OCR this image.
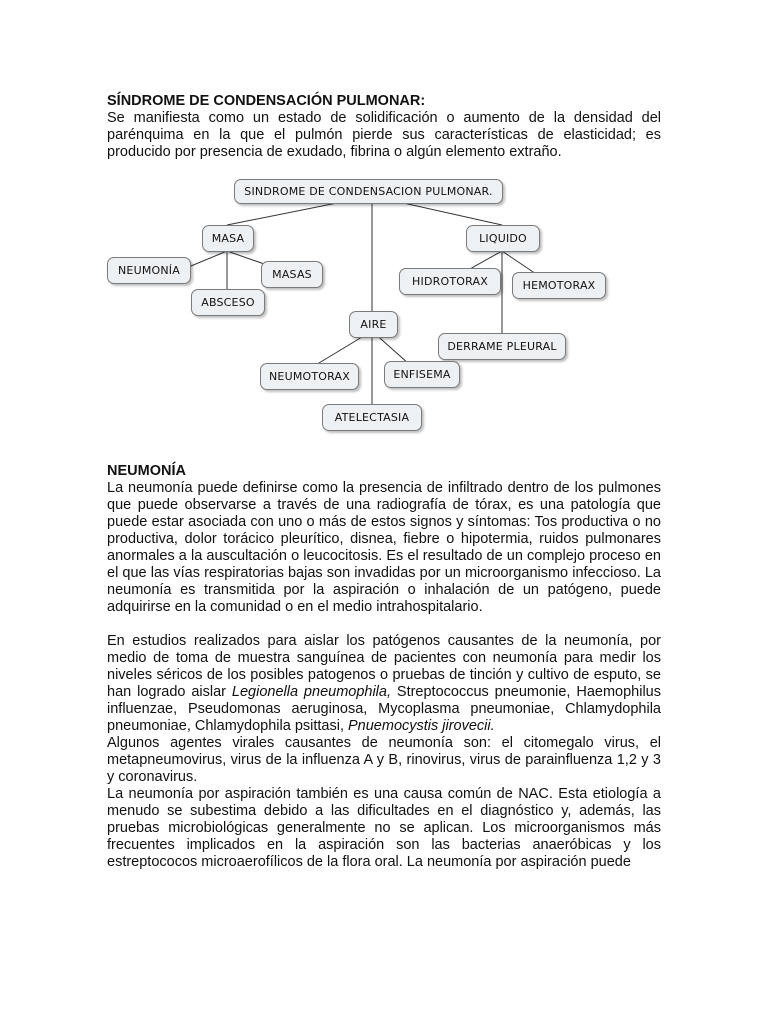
SÍNDROME DE CONDENSACIÓN PULMONAR:

Se manifiesta como un estado de solidificación o aumento de la densidad del parénquima en la que el pulmón pierde sus características de elasticidad; es producido por presencia de exudado, fibrina o algún elemento extraño.

SINDROME DE CONDENSACION PULMONAR.
MASA	LIQUIDO
NEUMONÍA	MASAS
ABSCESO
HIDROTORAX	HEMOTORAX
AIRE
DERRAME PLEURAL
NEUMOTORAX	ENFISEMA
ATELECTASIA

NEUMONÍA

La neumonía puede definirse como la presencia de infiltrado dentro de los pulmones que puede observarse a través de una radiografía de tórax, es una patología que puede estar asociada con uno o más de estos signos y síntomas: Tos productiva o no productiva, dolor torácico pleurítico, disnea, fiebre o hipotermia, ruidos pulmonares anormales a la auscultación o leucocitosis. Es el resultado de un complejo proceso en el que las vías respiratorias bajas son invadidas por un microorganismo infeccioso. La neumonía es transmitida por la aspiración o inhalación de un patógeno, puede adquirirse en la comunidad o en el medio intrahospitalario.

En estudios realizados para aislar los patógenos causantes de la neumonía, por medio de toma de muestra sanguínea de pacientes con neumonía para medir los niveles séricos de los posibles patogenos o pruebas de tinción y cultivo de esputo, se han logrado aislar Legionella pneumophila, Streptococcus pneumonie, Haemophilus influenzae, Pseudomonas aeruginosa, Mycoplasma pneumoniae, Chlamydophila pneumoniae, Chlamydophila psittasi, Pnuemocystis jirovecii.

Algunos agentes virales causantes de neumonía son: el citomegalo virus, el metapneumovirus, virus de la influenza A y B, rinovirus, virus de parainfluenza 1,2 y 3 y coronavirus.

La neumonía por aspiración también es una causa común de NAC. Esta etiología a menudo se subestima debido a las dificultades en el diagnóstico y, además, las pruebas microbiológicas generalmente no se aplican. Los microorganismos más frecuentes implicados en la aspiración son las bacterias anaeróbicas y los estreptococos microaerofílicos de la flora oral. La neumonía por aspiración puede
